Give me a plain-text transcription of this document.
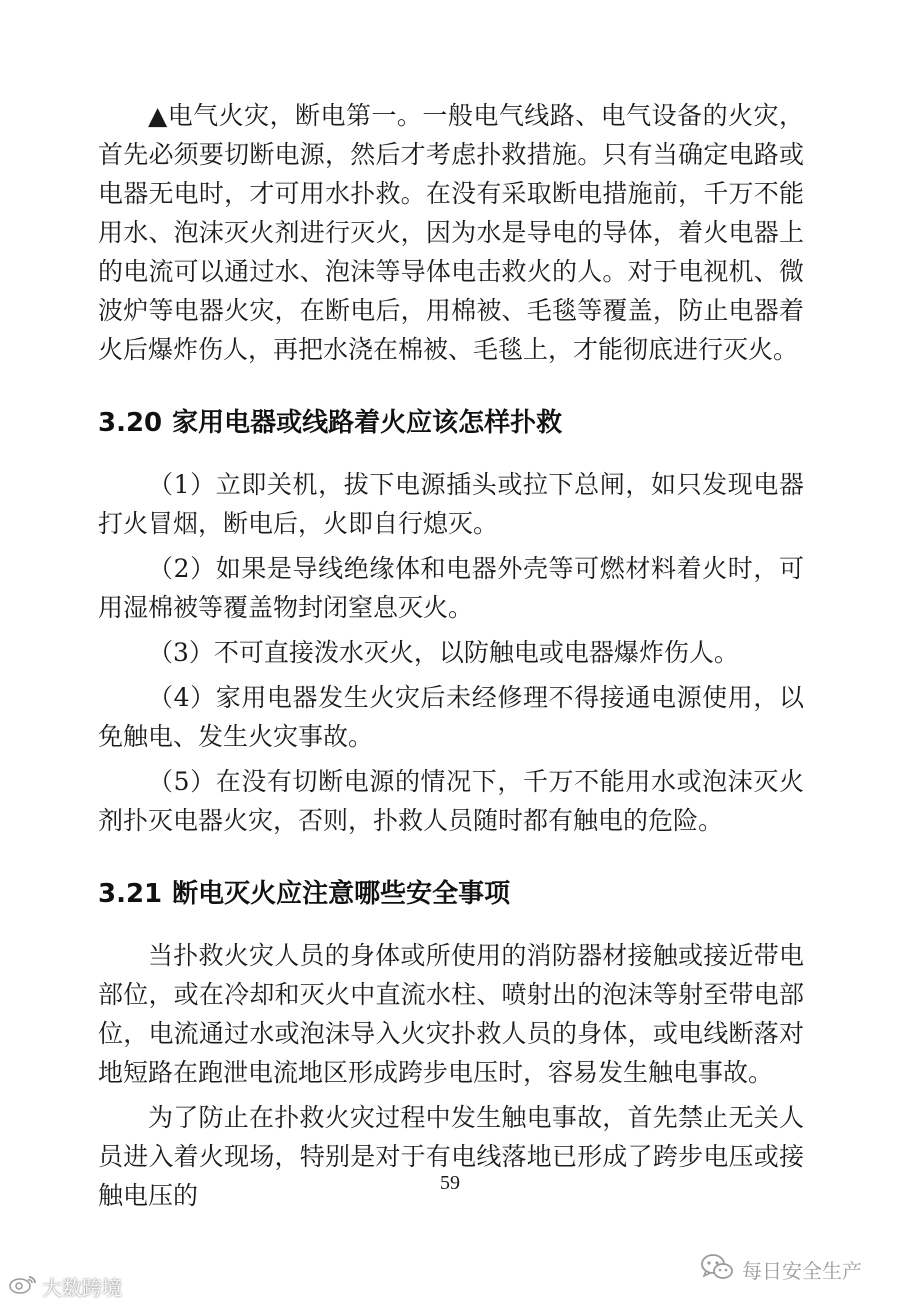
▲电气火灾，断电第一。一般电气线路、电气设备的火灾，首先必须要切断电源，然后才考虑扑救措施。只有当确定电路或电器无电时，才可用水扑救。在没有采取断电措施前，千万不能用水、泡沫灭火剂进行灭火，因为水是导电的导体，着火电器上的电流可以通过水、泡沫等导体电击救火的人。对于电视机、微波炉等电器火灾，在断电后，用棉被、毛毯等覆盖，防止电器着火后爆炸伤人，再把水浇在棉被、毛毯上，才能彻底进行灭火。

3.20 家用电器或线路着火应该怎样扑救

（1）立即关机，拔下电源插头或拉下总闸，如只发现电器打火冒烟，断电后，火即自行熄灭。

（2）如果是导线绝缘体和电器外壳等可燃材料着火时，可用湿棉被等覆盖物封闭窒息灭火。

（3）不可直接泼水灭火，以防触电或电器爆炸伤人。

（4）家用电器发生火灾后未经修理不得接通电源使用，以免触电、发生火灾事故。

（5）在没有切断电源的情况下，千万不能用水或泡沫灭火剂扑灭电器火灾，否则，扑救人员随时都有触电的危险。

3.21 断电灭火应注意哪些安全事项

当扑救火灾人员的身体或所使用的消防器材接触或接近带电部位，或在冷却和灭火中直流水柱、喷射出的泡沫等射至带电部位，电流通过水或泡沫导入火灾扑救人员的身体，或电线断落对地短路在跑泄电流地区形成跨步电压时，容易发生触电事故。

为了防止在扑救火灾过程中发生触电事故，首先禁止无关人员进入着火现场，特别是对于有电线落地已形成了跨步电压或接触电压的	59
大数跨境
每日安全生产
